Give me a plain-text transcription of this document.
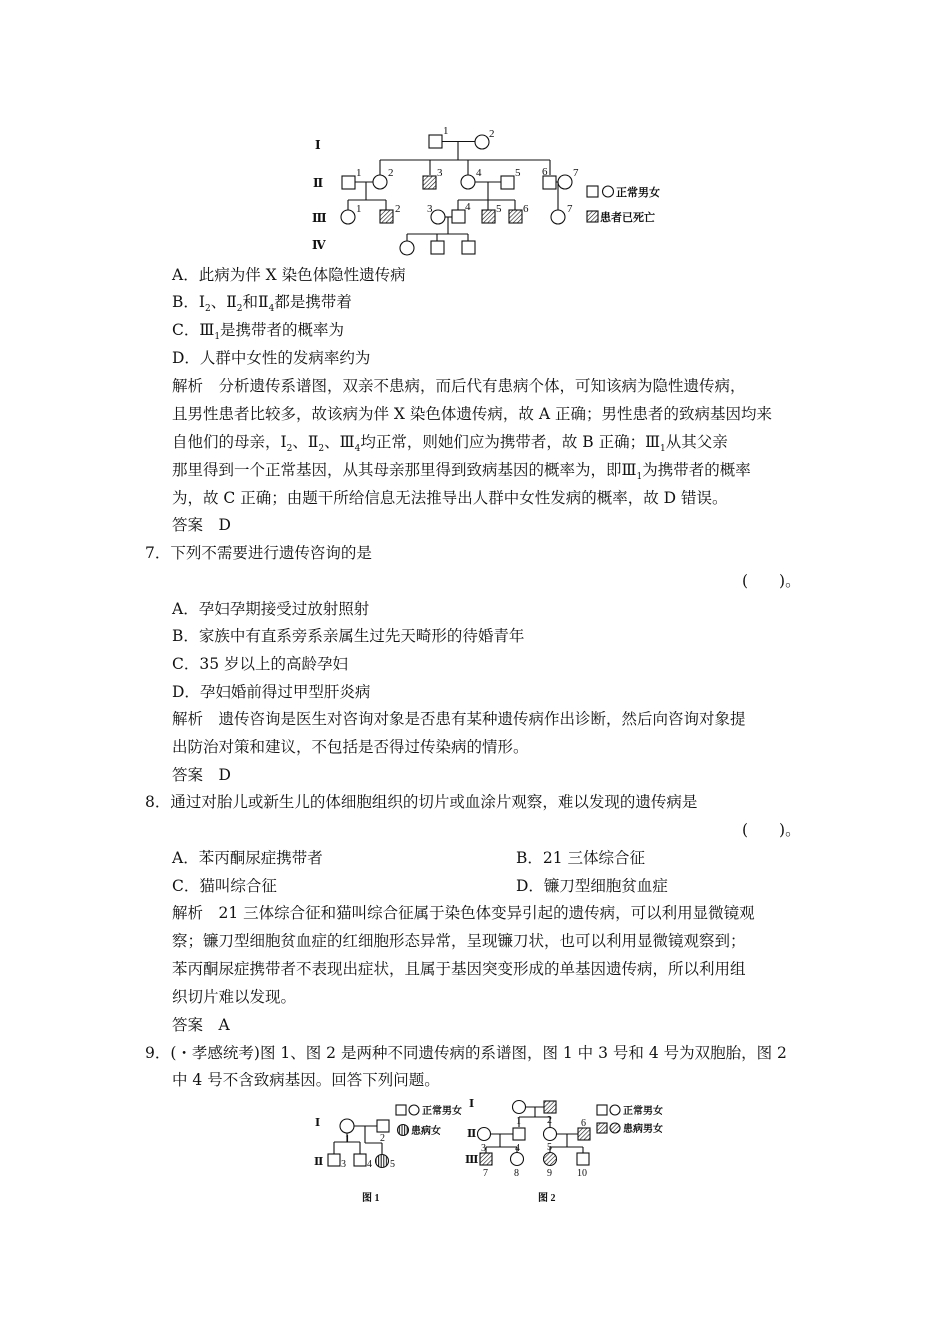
Ⅰ
Ⅱ
Ⅲ
Ⅳ
1	2
1 2	3	4	5 6 7
1	2 3	4 5 6	7
正常男女
患者已死亡
A．此病为伴 X 染色体隐性遗传病
B．$Ⅰ_2$、$Ⅱ_2$和$Ⅱ_4$都是携带着
C．$Ⅲ_1$是携带者的概率为
D．人群中女性的发病率约为
解析　分析遗传系谱图，双亲不患病，而后代有患病个体，可知该病为隐性遗传病，
且男性患者比较多，故该病为伴 X 染色体遗传病，故 A 正确；男性患者的致病基因均来
自他们的母亲，$Ⅰ_2$、$Ⅱ_2$、$Ⅲ_4$均正常，则她们应为携带者，故 B 正确；$Ⅲ_1$从其父亲
那里得到一个正常基因，从其母亲那里得到致病基因的概率为，即$Ⅲ_1$为携带者的概率
为，故 C 正确；由题干所给信息无法推导出人群中女性发病的概率，故 D 错误。
答案　D
7．下列不需要进行遗传咨询的是
(　　)。
A．孕妇孕期接受过放射照射
B．家族中有直系旁系亲属生过先天畸形的待婚青年
C．35 岁以上的高龄孕妇
D．孕妇婚前得过甲型肝炎病
解析　遗传咨询是医生对咨询对象是否患有某种遗传病作出诊断，然后向咨询对象提
出防治对策和建议，不包括是否得过传染病的情形。
答案　D
8．通过对胎儿或新生儿的体细胞组织的切片或血涂片观察，难以发现的遗传病是
(　　)。
A．苯丙酮尿症携带者	B．21 三体综合征
C．猫叫综合征	D．镰刀型细胞贫血症
解析　21 三体综合征和猫叫综合征属于染色体变异引起的遗传病，可以利用显微镜观
察；镰刀型细胞贫血症的红细胞形态异常，呈现镰刀状，也可以利用显微镜观察到；
苯丙酮尿症携带者不表现出症状，且属于基因突变形成的单基因遗传病，所以利用组
织切片难以发现。
答案　A
9．(・孝感统考)图 1、图 2 是两种不同遗传病的系谱图，图 1 中 3 号和 4 号为双胞胎，图 2
中 4 号不含致病基因。回答下列问题。
Ⅰ
Ⅱ
Ⅰ
Ⅱ
Ⅲ
1	2
3 4 5
1	2
3	4	5
6
7	8	9	10
正常男女
患病女
正常男女
患病男女
图 1	图 2
